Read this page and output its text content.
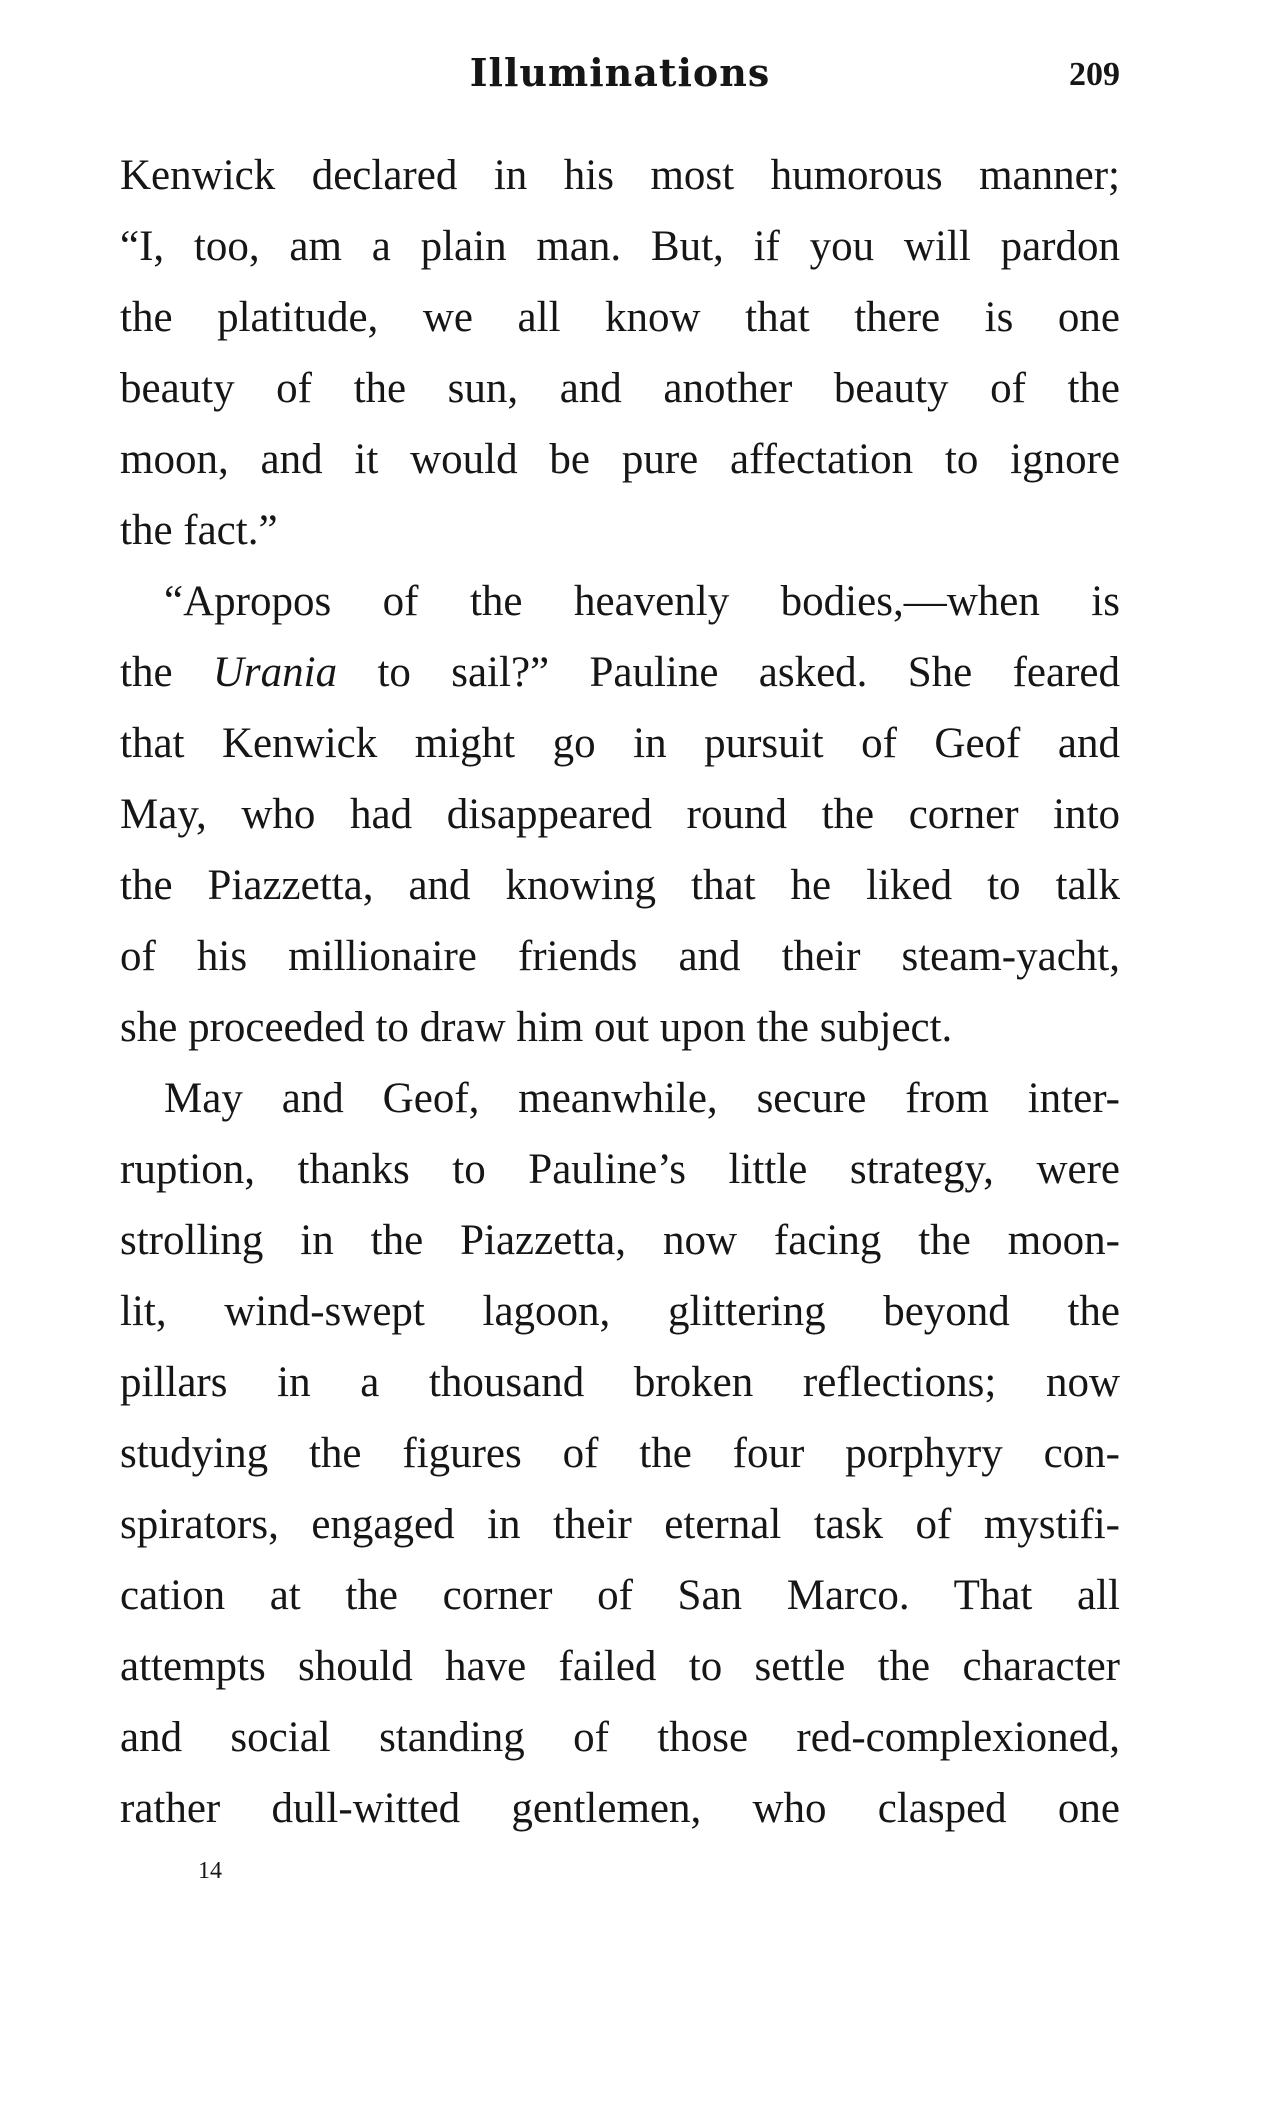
Illuminations	209
Kenwick declared in his most humorous manner;
“I, too, am a plain man. But, if you will pardon
the platitude, we all know that there is one
beauty of the sun, and another beauty of the
moon, and it would be pure affectation to ignore
the fact.”
“Apropos of the heavenly bodies,—when is
the Urania to sail?” Pauline asked. She feared
that Kenwick might go in pursuit of Geof and
May, who had disappeared round the corner into
the Piazzetta, and knowing that he liked to talk
of his millionaire friends and their steam-yacht,
she proceeded to draw him out upon the subject.
May and Geof, meanwhile, secure from inter-
ruption, thanks to Pauline’s little strategy, were
strolling in the Piazzetta, now facing the moon-
lit, wind-swept lagoon, glittering beyond the
pillars in a thousand broken reflections; now
studying the figures of the four porphyry con-
spirators, engaged in their eternal task of mystifi-
cation at the corner of San Marco. That all
attempts should have failed to settle the character
and social standing of those red-complexioned,
rather dull-witted gentlemen, who clasped one
14
